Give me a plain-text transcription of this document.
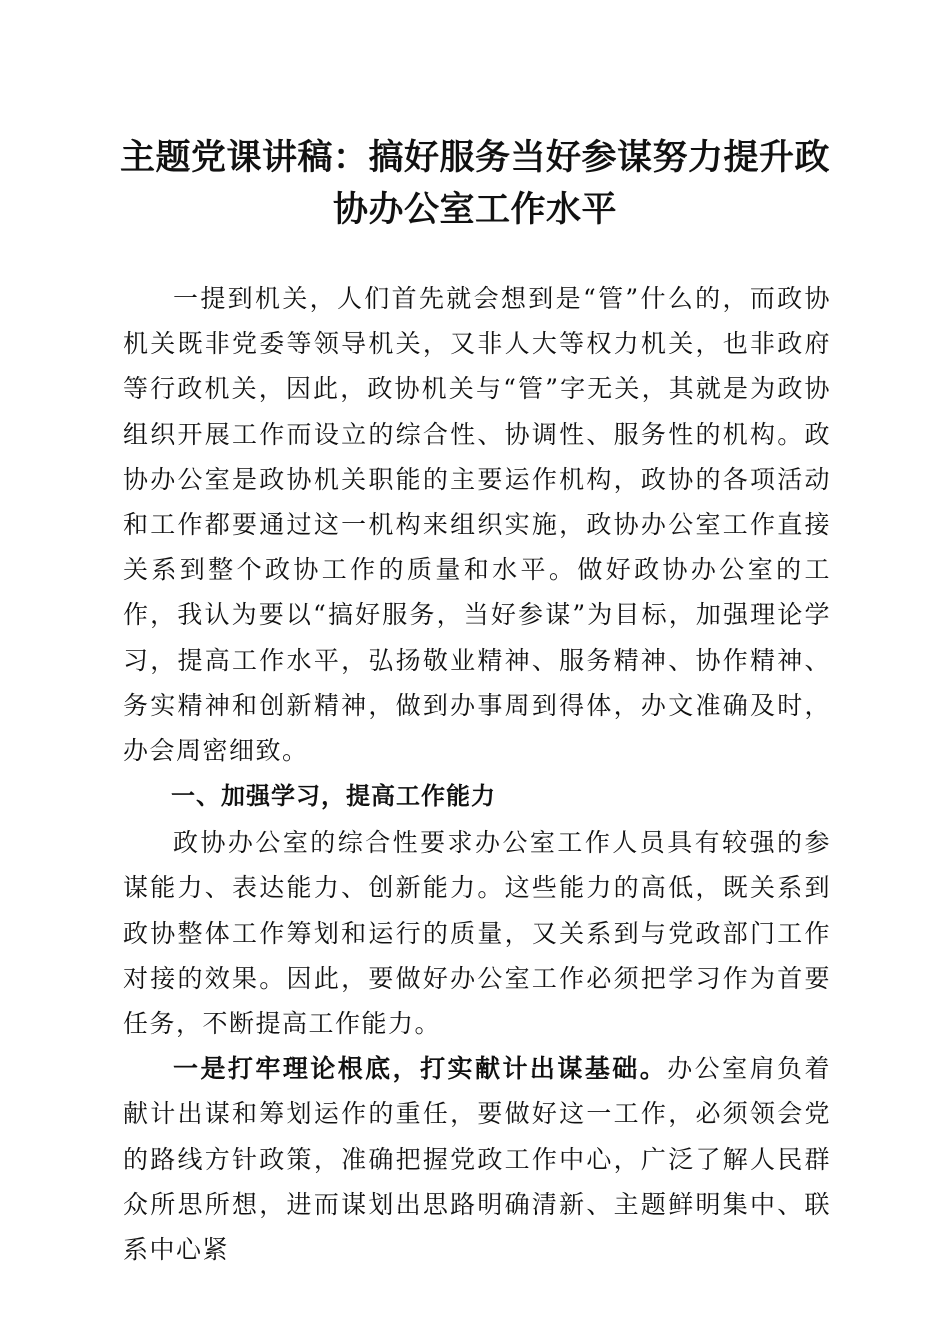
主题党课讲稿：搞好服务当好参谋努力提升政协办公室工作水平

一提到机关，人们首先就会想到是“管”什么的，而政协机关既非党委等领导机关，又非人大等权力机关，也非政府等行政机关，因此，政协机关与“管”字无关，其就是为政协组织开展工作而设立的综合性、协调性、服务性的机构。政协办公室是政协机关职能的主要运作机构，政协的各项活动和工作都要通过这一机构来组织实施，政协办公室工作直接关系到整个政协工作的质量和水平。做好政协办公室的工作，我认为要以“搞好服务，当好参谋”为目标，加强理论学习，提高工作水平，弘扬敬业精神、服务精神、协作精神、务实精神和创新精神，做到办事周到得体，办文准确及时，办会周密细致。

一、加强学习，提高工作能力

政协办公室的综合性要求办公室工作人员具有较强的参谋能力、表达能力、创新能力。这些能力的高低，既关系到政协整体工作筹划和运行的质量，又关系到与党政部门工作对接的效果。因此，要做好办公室工作必须把学习作为首要任务，不断提高工作能力。

一是打牢理论根底，打实献计出谋基础。办公室肩负着献计出谋和筹划运作的重任，要做好这一工作，必须领会党的路线方针政策，准确把握党政工作中心，广泛了解人民群众所思所想，进而谋划出思路明确清新、主题鲜明集中、联系中心紧
